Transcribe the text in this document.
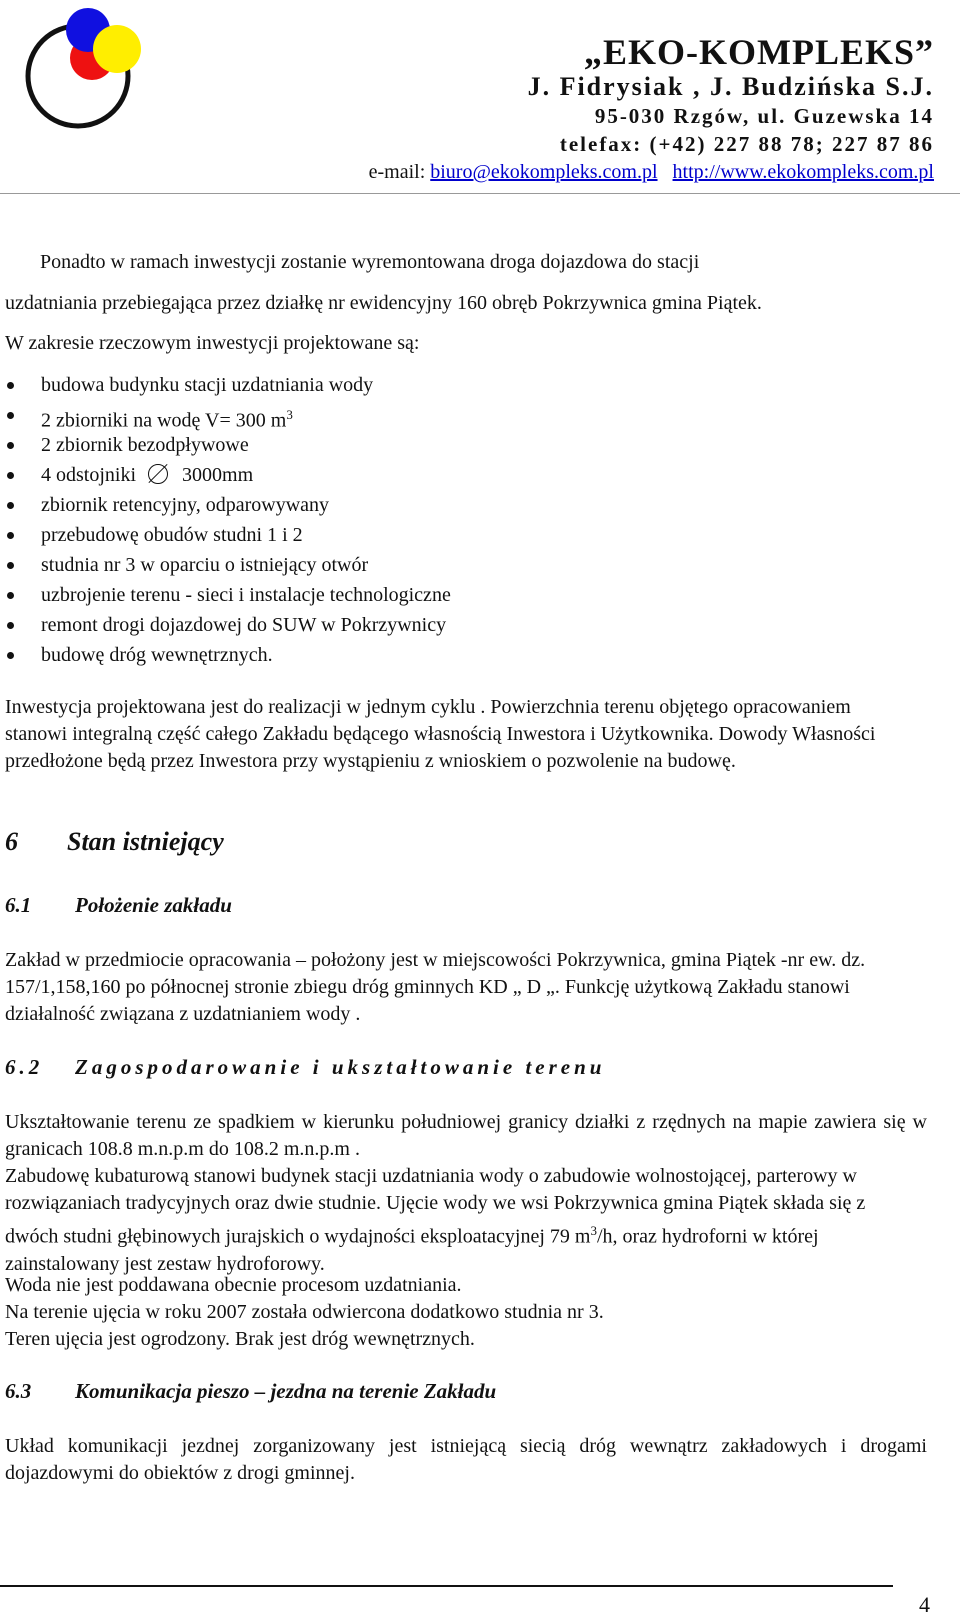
„EKO-KOMPLEKS”
J. Fidrysiak , J. Budzińska S.J.
95-030 Rzgów, ul. Guzewska 14
telefax: (+42) 227 88 78; 227 87 86
e-mail: biuro@ekokompleks.com.pl http://www.ekokompleks.com.pl

Ponadto w ramach inwestycji zostanie wyremontowana droga dojazdowa do stacji

uzdatniania przebiegająca przez działkę nr ewidencyjny 160 obręb Pokrzywnica gmina Piątek.

W zakresie rzeczowym inwestycji projektowane są:

budowa budynku stacji uzdatniania wody
2 zbiorniki na wodę V= 300 $m^3$
2 zbiornik bezodpływowe
4 odstojniki 3000mm
zbiornik retencyjny, odparowywany
przebudowę obudów studni 1 i 2
studnia nr 3 w oparciu o istniejący otwór
uzbrojenie terenu - sieci i instalacje technologiczne
remont drogi dojazdowej do SUW w Pokrzywnicy
budowę dróg wewnętrznych.

Inwestycja projektowana jest do realizacji w jednym cyklu . Powierzchnia terenu objętego opracowaniem stanowi integralną część całego Zakładu będącego własnością Inwestora i Użytkownika. Dowody Własności przedłożone będą przez Inwestora przy wystąpieniu z wnioskiem o pozwolenie na budowę.

6 Stan istniejący
6.1 Położenie zakładu

Zakład w przedmiocie opracowania – położony jest w miejscowości Pokrzywnica, gmina Piątek -nr ew. dz. 157/1,158,160 po północnej stronie zbiegu dróg gminnych KD „ D „. Funkcję użytkową Zakładu stanowi działalność związana z uzdatnianiem wody .

6.2 Zagospodarowanie i ukształtowanie terenu

Ukształtowanie terenu ze spadkiem w kierunku południowej granicy działki z rzędnych na mapie zawiera się w granicach 108.8 m.n.p.m do 108.2 m.n.p.m .

Zabudowę kubaturową stanowi budynek stacji uzdatniania wody o zabudowie wolnostojącej, parterowy w rozwiązaniach tradycyjnych oraz dwie studnie. Ujęcie wody we wsi Pokrzywnica gmina Piątek składa się z dwóch studni głębinowych jurajskich o wydajności eksploatacyjnej 79 $m^3/h$, oraz hydroforni w której zainstalowany jest zestaw hydroforowy.

Woda nie jest poddawana obecnie procesom uzdatniania.

Na terenie ujęcia w roku 2007 została odwiercona dodatkowo studnia nr 3.

Teren ujęcia jest ogrodzony. Brak jest dróg wewnętrznych.

6.3 Komunikacja pieszo – jezdna na terenie Zakładu

Układ komunikacji jezdnej zorganizowany jest istniejącą siecią dróg wewnątrz zakładowych i drogami dojazdowymi do obiektów z drogi gminnej.

4
